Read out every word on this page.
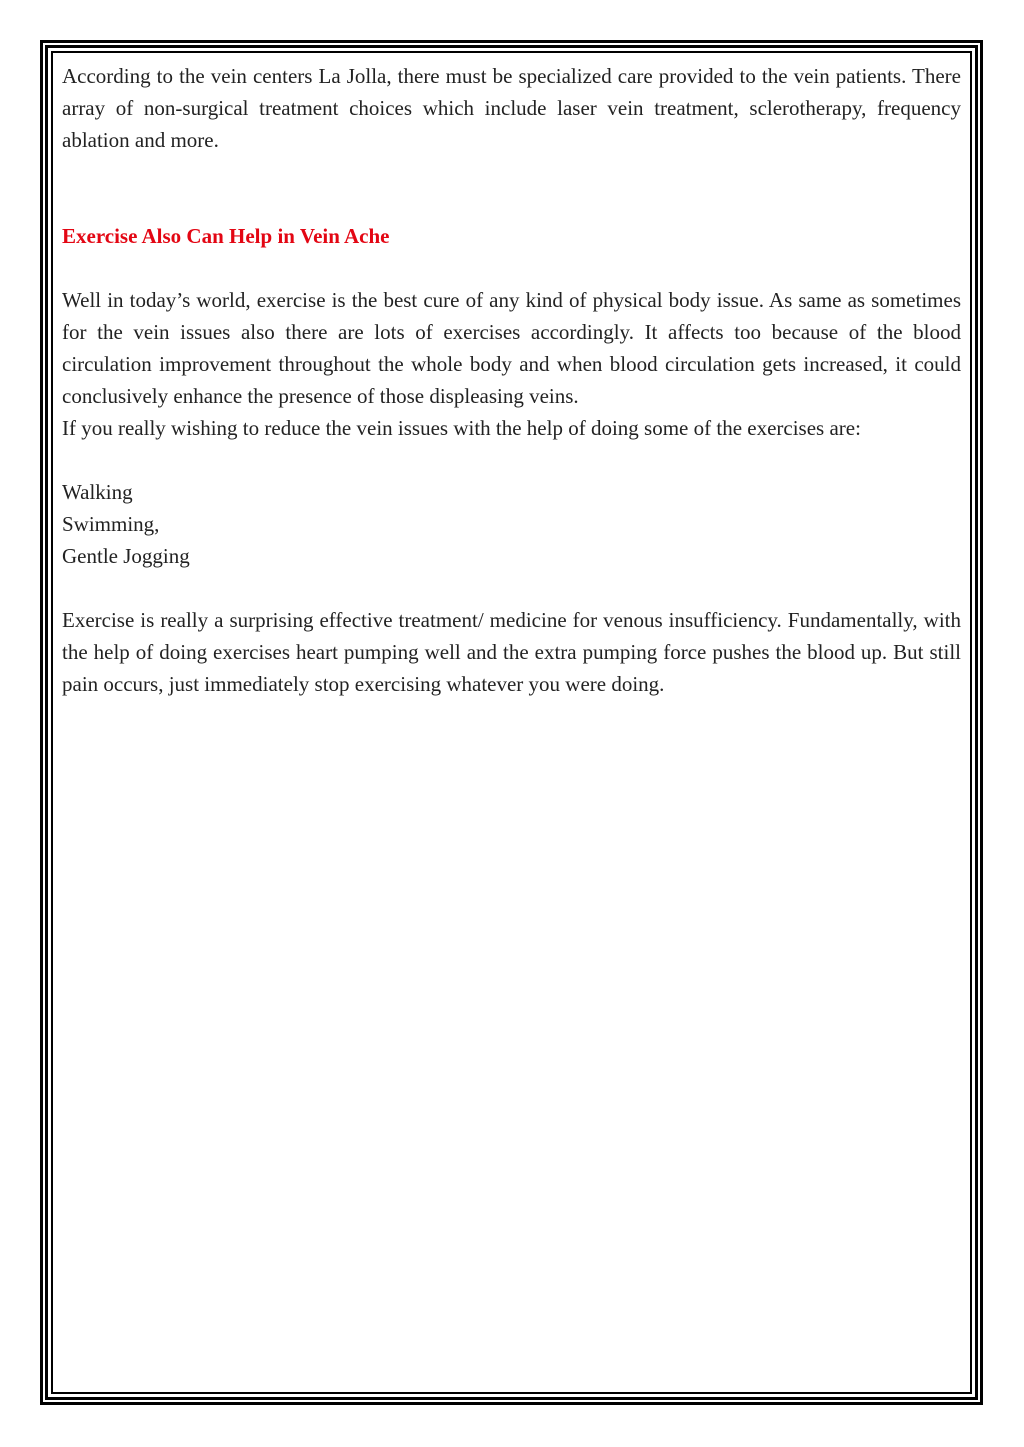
According to the vein centers La Jolla, there must be specialized care provided to the vein patients. There array of non-surgical treatment choices which include laser vein treatment, sclerotherapy, frequency ablation and more.

Exercise Also Can Help in Vein Ache

Well in today’s world, exercise is the best cure of any kind of physical body issue. As same as sometimes for the vein issues also there are lots of exercises accordingly. It affects too because of the blood circulation improvement throughout the whole body and when blood circulation gets increased, it could conclusively enhance the presence of those displeasing veins.

If you really wishing to reduce the vein issues with the help of doing some of the exercises are:

Walking
Swimming,
Gentle Jogging

Exercise is really a surprising effective treatment/ medicine for venous insufficiency. Fundamentally, with the help of doing exercises heart pumping well and the extra pumping force pushes the blood up. But still pain occurs, just immediately stop exercising whatever you were doing.
